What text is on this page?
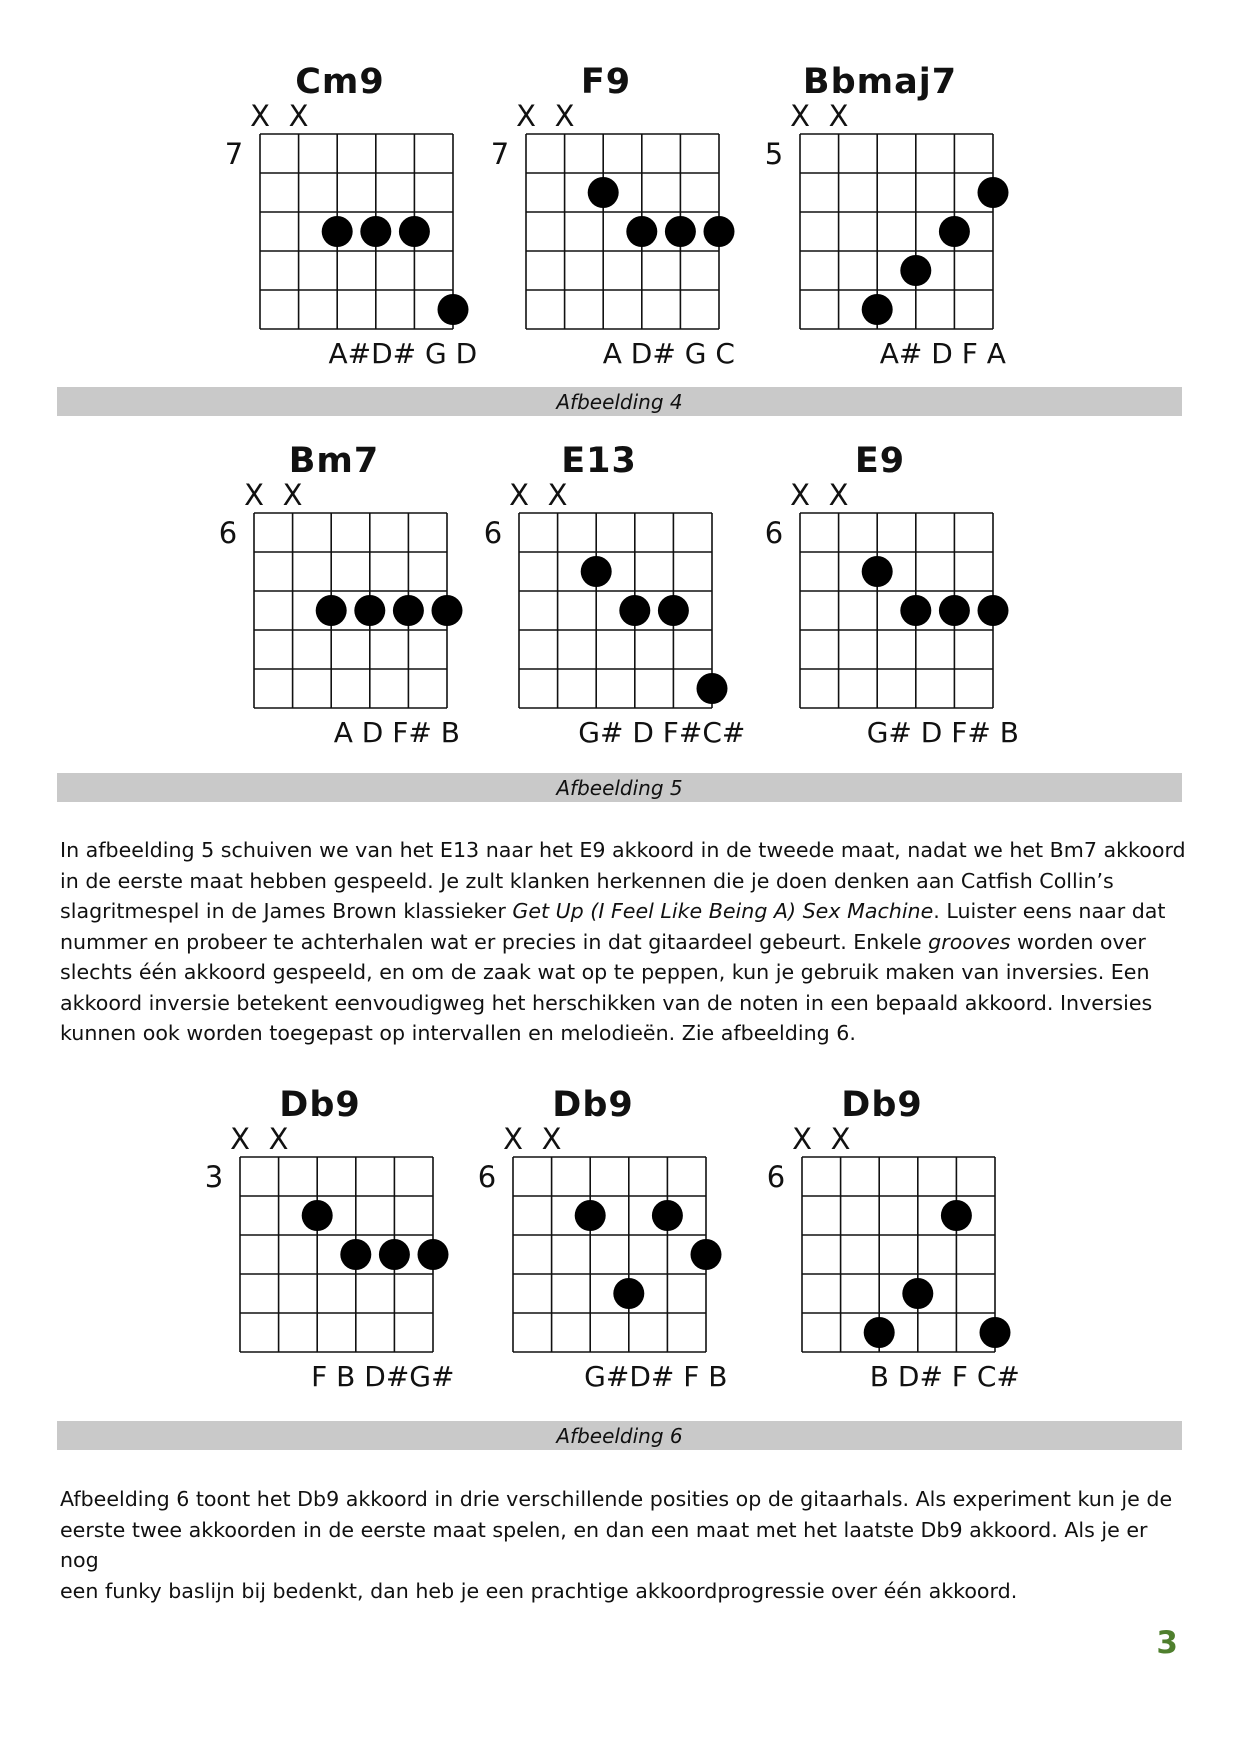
Cm9
7
X X
A#D# G D
F9
7
X X
A D# G C
Bbmaj7
5
X X
A# D F A
Afbeelding 4
Bm7
6
X X
A D F# B
E13
6
X X
G# D F#C#
E9
6
X X
G# D F# B
Afbeelding 5

In afbeelding 5 schuiven we van het E13 naar het E9 akkoord in de tweede maat, nadat we het Bm7 akkoord
in de eerste maat hebben gespeeld. Je zult klanken herkennen die je doen denken aan Catfish Collin’s
slagritmespel in de James Brown klassieker Get Up (I Feel Like Being A) Sex Machine. Luister eens naar dat
nummer en probeer te achterhalen wat er precies in dat gitaardeel gebeurt. Enkele grooves worden over
slechts één akkoord gespeeld, en om de zaak wat op te peppen, kun je gebruik maken van inversies. Een
akkoord inversie betekent eenvoudigweg het herschikken van de noten in een bepaald akkoord. Inversies
kunnen ook worden toegepast op intervallen en melodieën. Zie afbeelding 6.

Db9
3
X X
F B D#G#
Db9
6
X X
G#D# F B
Db9
6
X X
B D# F C#
Afbeelding 6

Afbeelding 6 toont het Db9 akkoord in drie verschillende posities op de gitaarhals. Als experiment kun je de
eerste twee akkoorden in de eerste maat spelen, en dan een maat met het laatste Db9 akkoord. Als je er nog
een funky baslijn bij bedenkt, dan heb je een prachtige akkoordprogressie over één akkoord.

3
